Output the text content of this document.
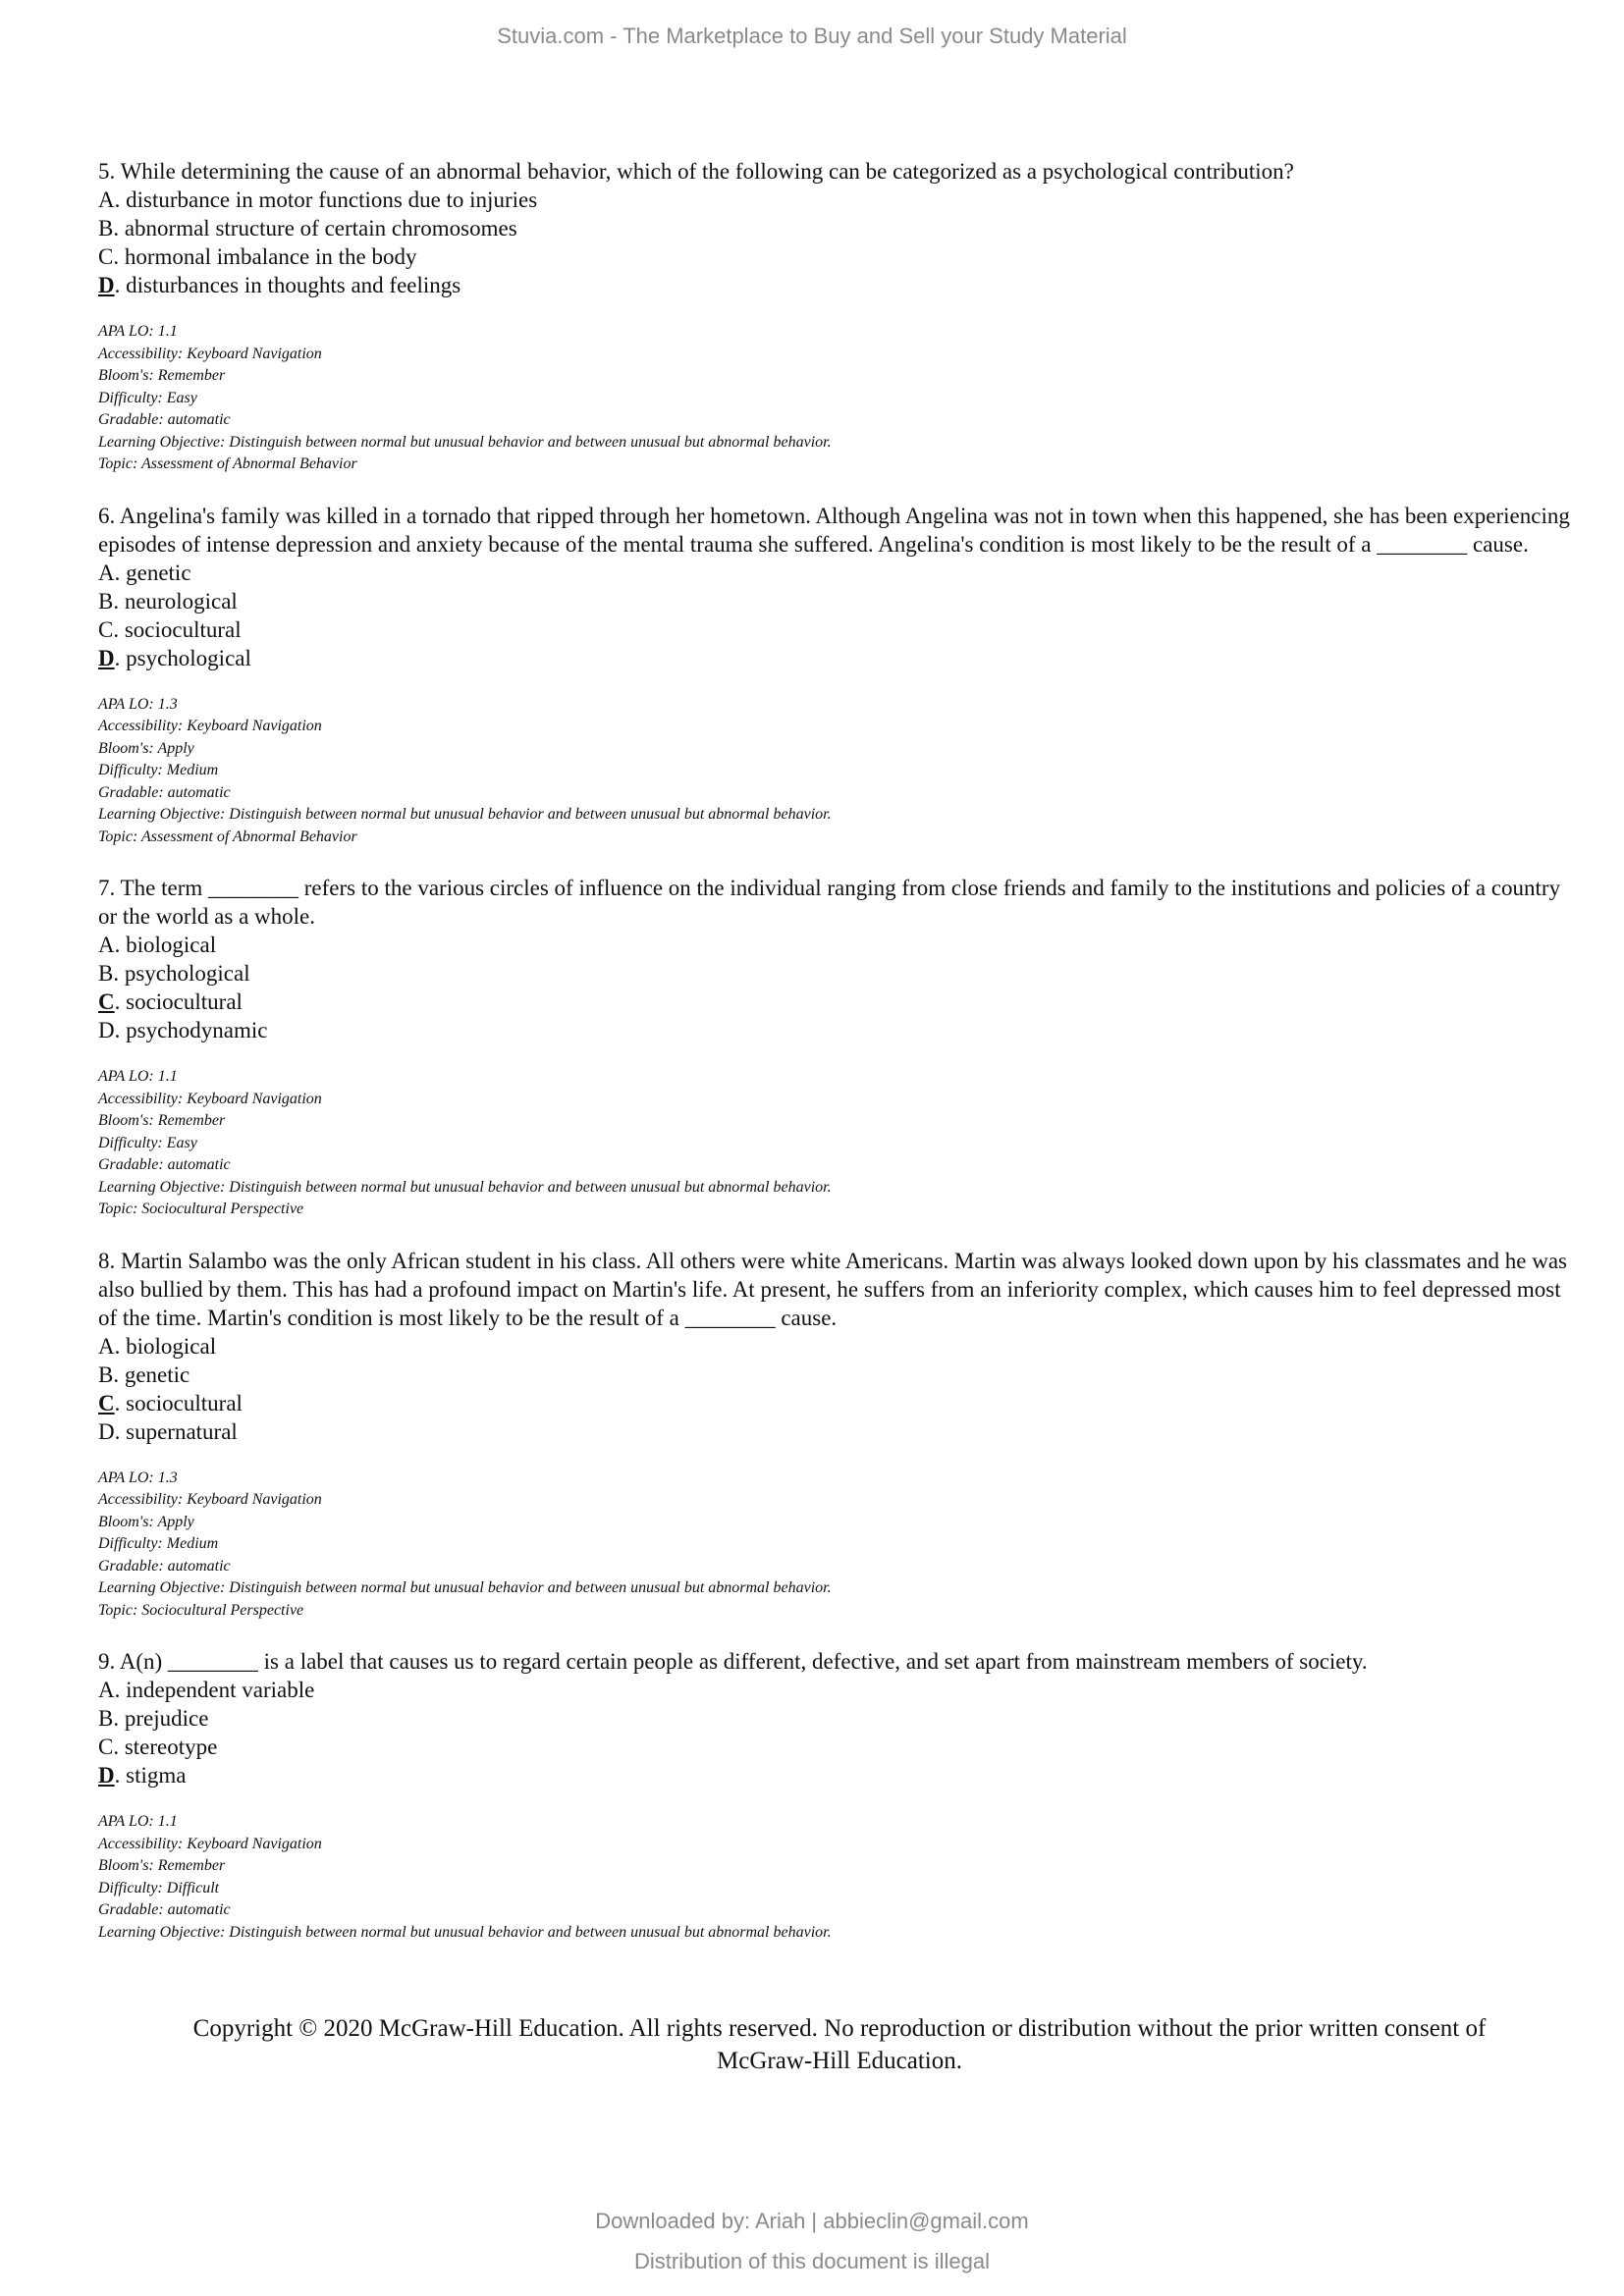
Stuvia.com - The Marketplace to Buy and Sell your Study Material

5. While determining the cause of an abnormal behavior, which of the following can be categorized as a psychological contribution?

A. disturbance in motor functions due to injuries
B. abnormal structure of certain chromosomes
C. hormonal imbalance in the body
D. disturbances in thoughts and feelings
APA LO: 1.1
Accessibility: Keyboard Navigation
Bloom's: Remember
Difficulty: Easy
Gradable: automatic
Learning Objective: Distinguish between normal but unusual behavior and between unusual but abnormal behavior.
Topic: Assessment of Abnormal Behavior

6. Angelina's family was killed in a tornado that ripped through her hometown. Although Angelina was not in town when this happened, she has been experiencing episodes of intense depression and anxiety because of the mental trauma she suffered. Angelina's condition is most likely to be the result of a ________ cause.

A. genetic
B. neurological
C. sociocultural
D. psychological
APA LO: 1.3
Accessibility: Keyboard Navigation
Bloom's: Apply
Difficulty: Medium
Gradable: automatic
Learning Objective: Distinguish between normal but unusual behavior and between unusual but abnormal behavior.
Topic: Assessment of Abnormal Behavior

7. The term ________ refers to the various circles of influence on the individual ranging from close friends and family to the institutions and policies of a country or the world as a whole.

A. biological
B. psychological
C. sociocultural
D. psychodynamic
APA LO: 1.1
Accessibility: Keyboard Navigation
Bloom's: Remember
Difficulty: Easy
Gradable: automatic
Learning Objective: Distinguish between normal but unusual behavior and between unusual but abnormal behavior.
Topic: Sociocultural Perspective

8. Martin Salambo was the only African student in his class. All others were white Americans. Martin was always looked down upon by his classmates and he was also bullied by them. This has had a profound impact on Martin's life. At present, he suffers from an inferiority complex, which causes him to feel depressed most of the time. Martin's condition is most likely to be the result of a ________ cause.

A. biological
B. genetic
C. sociocultural
D. supernatural
APA LO: 1.3
Accessibility: Keyboard Navigation
Bloom's: Apply
Difficulty: Medium
Gradable: automatic
Learning Objective: Distinguish between normal but unusual behavior and between unusual but abnormal behavior.
Topic: Sociocultural Perspective

9. A(n) ________ is a label that causes us to regard certain people as different, defective, and set apart from mainstream members of society.

A. independent variable
B. prejudice
C. stereotype
D. stigma
APA LO: 1.1
Accessibility: Keyboard Navigation
Bloom's: Remember
Difficulty: Difficult
Gradable: automatic
Learning Objective: Distinguish between normal but unusual behavior and between unusual but abnormal behavior.
Copyright © 2020 McGraw-Hill Education. All rights reserved. No reproduction or distribution without the prior written consent of
McGraw-Hill Education.
Downloaded by: Ariah | abbieclin@gmail.com
Distribution of this document is illegal
